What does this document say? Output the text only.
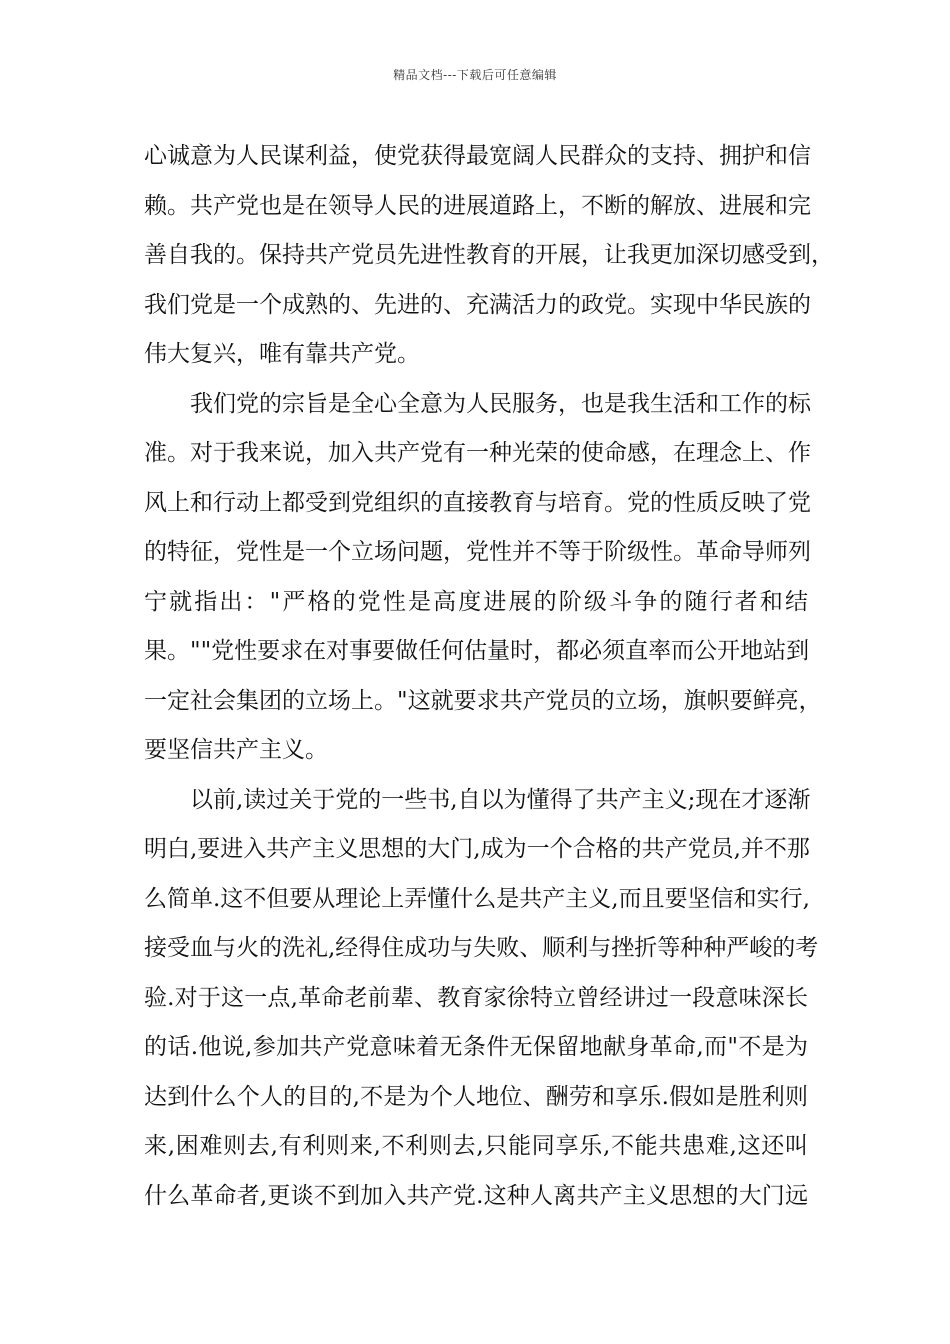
精品文档---下载后可任意编辑
心诚意为人民谋利益，使党获得最宽阔人民群众的支持、拥护和信
赖。共产党也是在领导人民的进展道路上，不断的解放、进展和完
善自我的。保持共产党员先进性教育的开展，让我更加深切感受到，
我们党是一个成熟的、先进的、充满活力的政党。实现中华民族的
伟大复兴，唯有靠共产党。
我们党的宗旨是全心全意为人民服务，也是我生活和工作的标
准。对于我来说，加入共产党有一种光荣的使命感，在理念上、作
风上和行动上都受到党组织的直接教育与培育。党的性质反映了党
的特征，党性是一个立场问题，党性并不等于阶级性。革命导师列
宁就指出："严格的党性是高度进展的阶级斗争的随行者和结
果。""党性要求在对事要做任何估量时，都必须直率而公开地站到
一定社会集团的立场上。"这就要求共产党员的立场，旗帜要鲜亮，
要坚信共产主义。
以前,读过关于党的一些书,自以为懂得了共产主义;现在才逐渐
明白,要进入共产主义思想的大门,成为一个合格的共产党员,并不那
么简单.这不但要从理论上弄懂什么是共产主义,而且要坚信和实行,
接受血与火的洗礼,经得住成功与失败、顺利与挫折等种种严峻的考
验.对于这一点,革命老前辈、教育家徐特立曾经讲过一段意味深长
的话.他说,参加共产党意味着无条件无保留地献身革命,而"不是为
达到什么个人的目的,不是为个人地位、酬劳和享乐.假如是胜利则
来,困难则去,有利则来,不利则去,只能同享乐,不能共患难,这还叫
什么革命者,更谈不到加入共产党.这种人离共产主义思想的大门远
